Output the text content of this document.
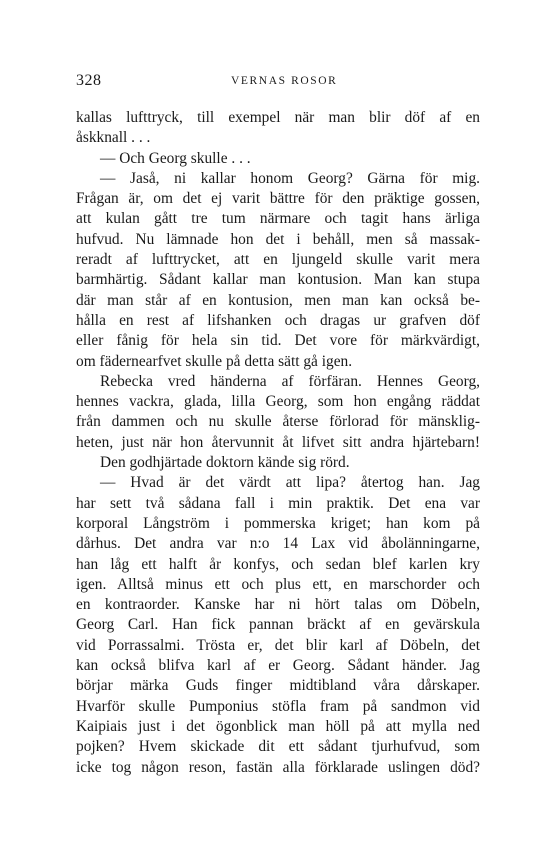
328	VERNAS ROSOR
kallas lufttryck, till exempel när man blir döf af en
åskknall . . .
— Och Georg skulle . . .
— Jaså, ni kallar honom Georg? Gärna för mig.
Frågan är, om det ej varit bättre för den präktige gossen,
att kulan gått tre tum närmare och tagit hans ärliga
hufvud. Nu lämnade hon det i behåll, men så massak-
reradt af lufttrycket, att en ljungeld skulle varit mera
barmhärtig. Sådant kallar man kontusion. Man kan stupa
där man står af en kontusion, men man kan också be-
hålla en rest af lifshanken och dragas ur grafven döf
eller fånig för hela sin tid. Det vore för märkvärdigt,
om fädernearfvet skulle på detta sätt gå igen.
Rebecka vred händerna af förfäran. Hennes Georg,
hennes vackra, glada, lilla Georg, som hon engång räddat
från dammen och nu skulle återse förlorad för mänsklig-
heten, just när hon återvunnit åt lifvet sitt andra hjärtebarn!
Den godhjärtade doktorn kände sig rörd.
— Hvad är det värdt att lipa? återtog han. Jag
har sett två sådana fall i min praktik. Det ena var
korporal Långström i pommerska kriget; han kom på
dårhus. Det andra var n:o 14 Lax vid åbolänningarne,
han låg ett halft år konfys, och sedan blef karlen kry
igen. Alltså minus ett och plus ett, en marschorder och
en kontraorder. Kanske har ni hört talas om Döbeln,
Georg Carl. Han fick pannan bräckt af en gevärskula
vid Porrassalmi. Trösta er, det blir karl af Döbeln, det
kan också blifva karl af er Georg. Sådant händer. Jag
börjar märka Guds finger midtibland våra dårskaper.
Hvarför skulle Pumponius stöfla fram på sandmon vid
Kaipiais just i det ögonblick man höll på att mylla ned
pojken? Hvem skickade dit ett sådant tjurhufvud, som
icke tog någon reson, fastän alla förklarade uslingen död?
